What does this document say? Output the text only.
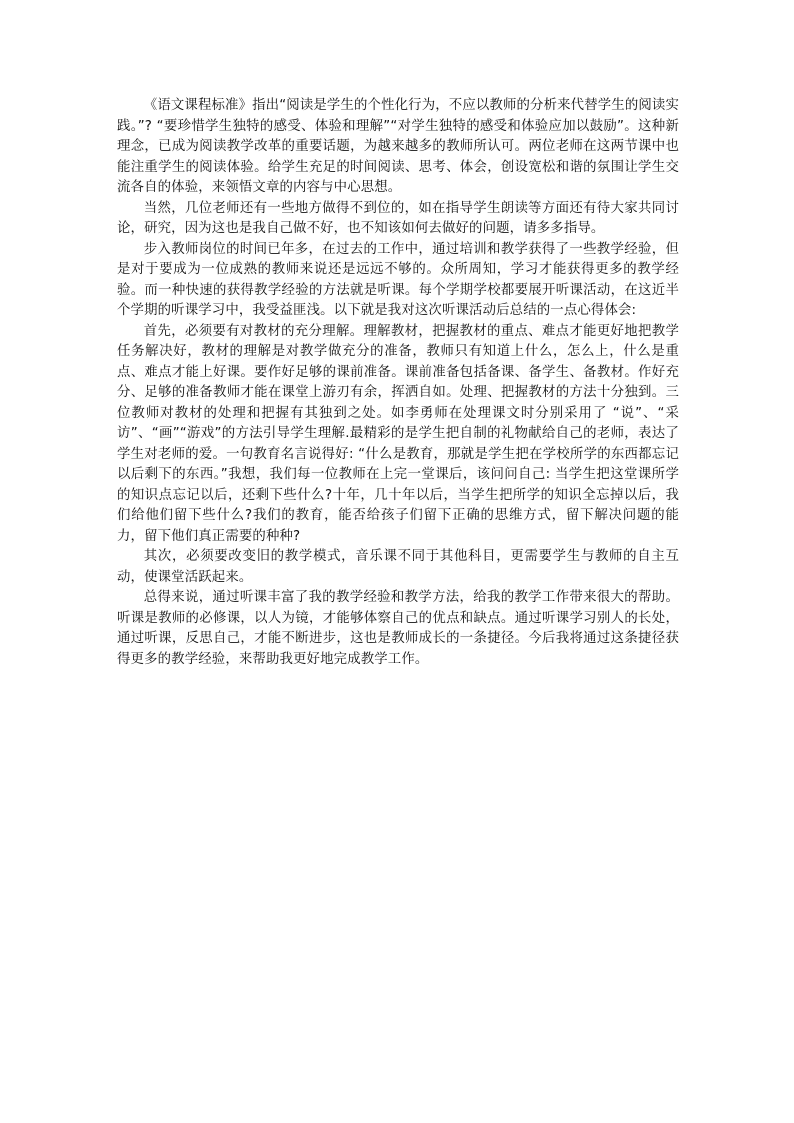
《语文课程标准》指出“阅读是学生的个性化行为，不应以教师的分析来代替学生的阅读实践。”? “要珍惜学生独特的感受、体验和理解”“对学生独特的感受和体验应加以鼓励”。这种新理念，已成为阅读教学改革的重要话题，为越来越多的教师所认可。两位老师在这两节课中也能注重学生的阅读体验。给学生充足的时间阅读、思考、体会，创设宽松和谐的氛围让学生交流各自的体验，来领悟文章的内容与中心思想。

当然，几位老师还有一些地方做得不到位的，如在指导学生朗读等方面还有待大家共同讨论，研究，因为这也是我自己做不好，也不知该如何去做好的问题，请多多指导。

步入教师岗位的时间已年多，在过去的工作中，通过培训和教学获得了一些教学经验，但是对于要成为一位成熟的教师来说还是远远不够的。众所周知，学习才能获得更多的教学经验。而一种快速的获得教学经验的方法就是听课。每个学期学校都要展开听课活动，在这近半个学期的听课学习中，我受益匪浅。以下就是我对这次听课活动后总结的一点心得体会:

首先，必须要有对教材的充分理解。理解教材，把握教材的重点、难点才能更好地把教学任务解决好，教材的理解是对教学做充分的准备，教师只有知道上什么，怎么上，什么是重点、难点才能上好课。要作好足够的课前准备。课前准备包括备课、备学生、备教材。作好充分、足够的准备教师才能在课堂上游刃有余，挥洒自如。处理、把握教材的方法十分独到。三位教师对教材的处理和把握有其独到之处。如李勇师在处理课文时分别采用了 “说”、“采访”、“画”“游戏”的方法引导学生理解.最精彩的是学生把自制的礼物献给自己的老师，表达了学生对老师的爱。一句教育名言说得好: “什么是教育，那就是学生把在学校所学的东西都忘记以后剩下的东西。”我想，我们每一位教师在上完一堂课后，该问问自己: 当学生把这堂课所学的知识点忘记以后，还剩下些什么?十年，几十年以后，当学生把所学的知识全忘掉以后，我们给他们留下些什么?我们的教育，能否给孩子们留下正确的思维方式，留下解决问题的能力，留下他们真正需要的种种?

其次，必须要改变旧的教学模式，音乐课不同于其他科目，更需要学生与教师的自主互动，使课堂活跃起来。

总得来说，通过听课丰富了我的教学经验和教学方法，给我的教学工作带来很大的帮助。听课是教师的必修课，以人为镜，才能够体察自己的优点和缺点。通过听课学习别人的长处，通过听课，反思自己，才能不断进步，这也是教师成长的一条捷径。今后我将通过这条捷径获得更多的教学经验，来帮助我更好地完成教学工作。
